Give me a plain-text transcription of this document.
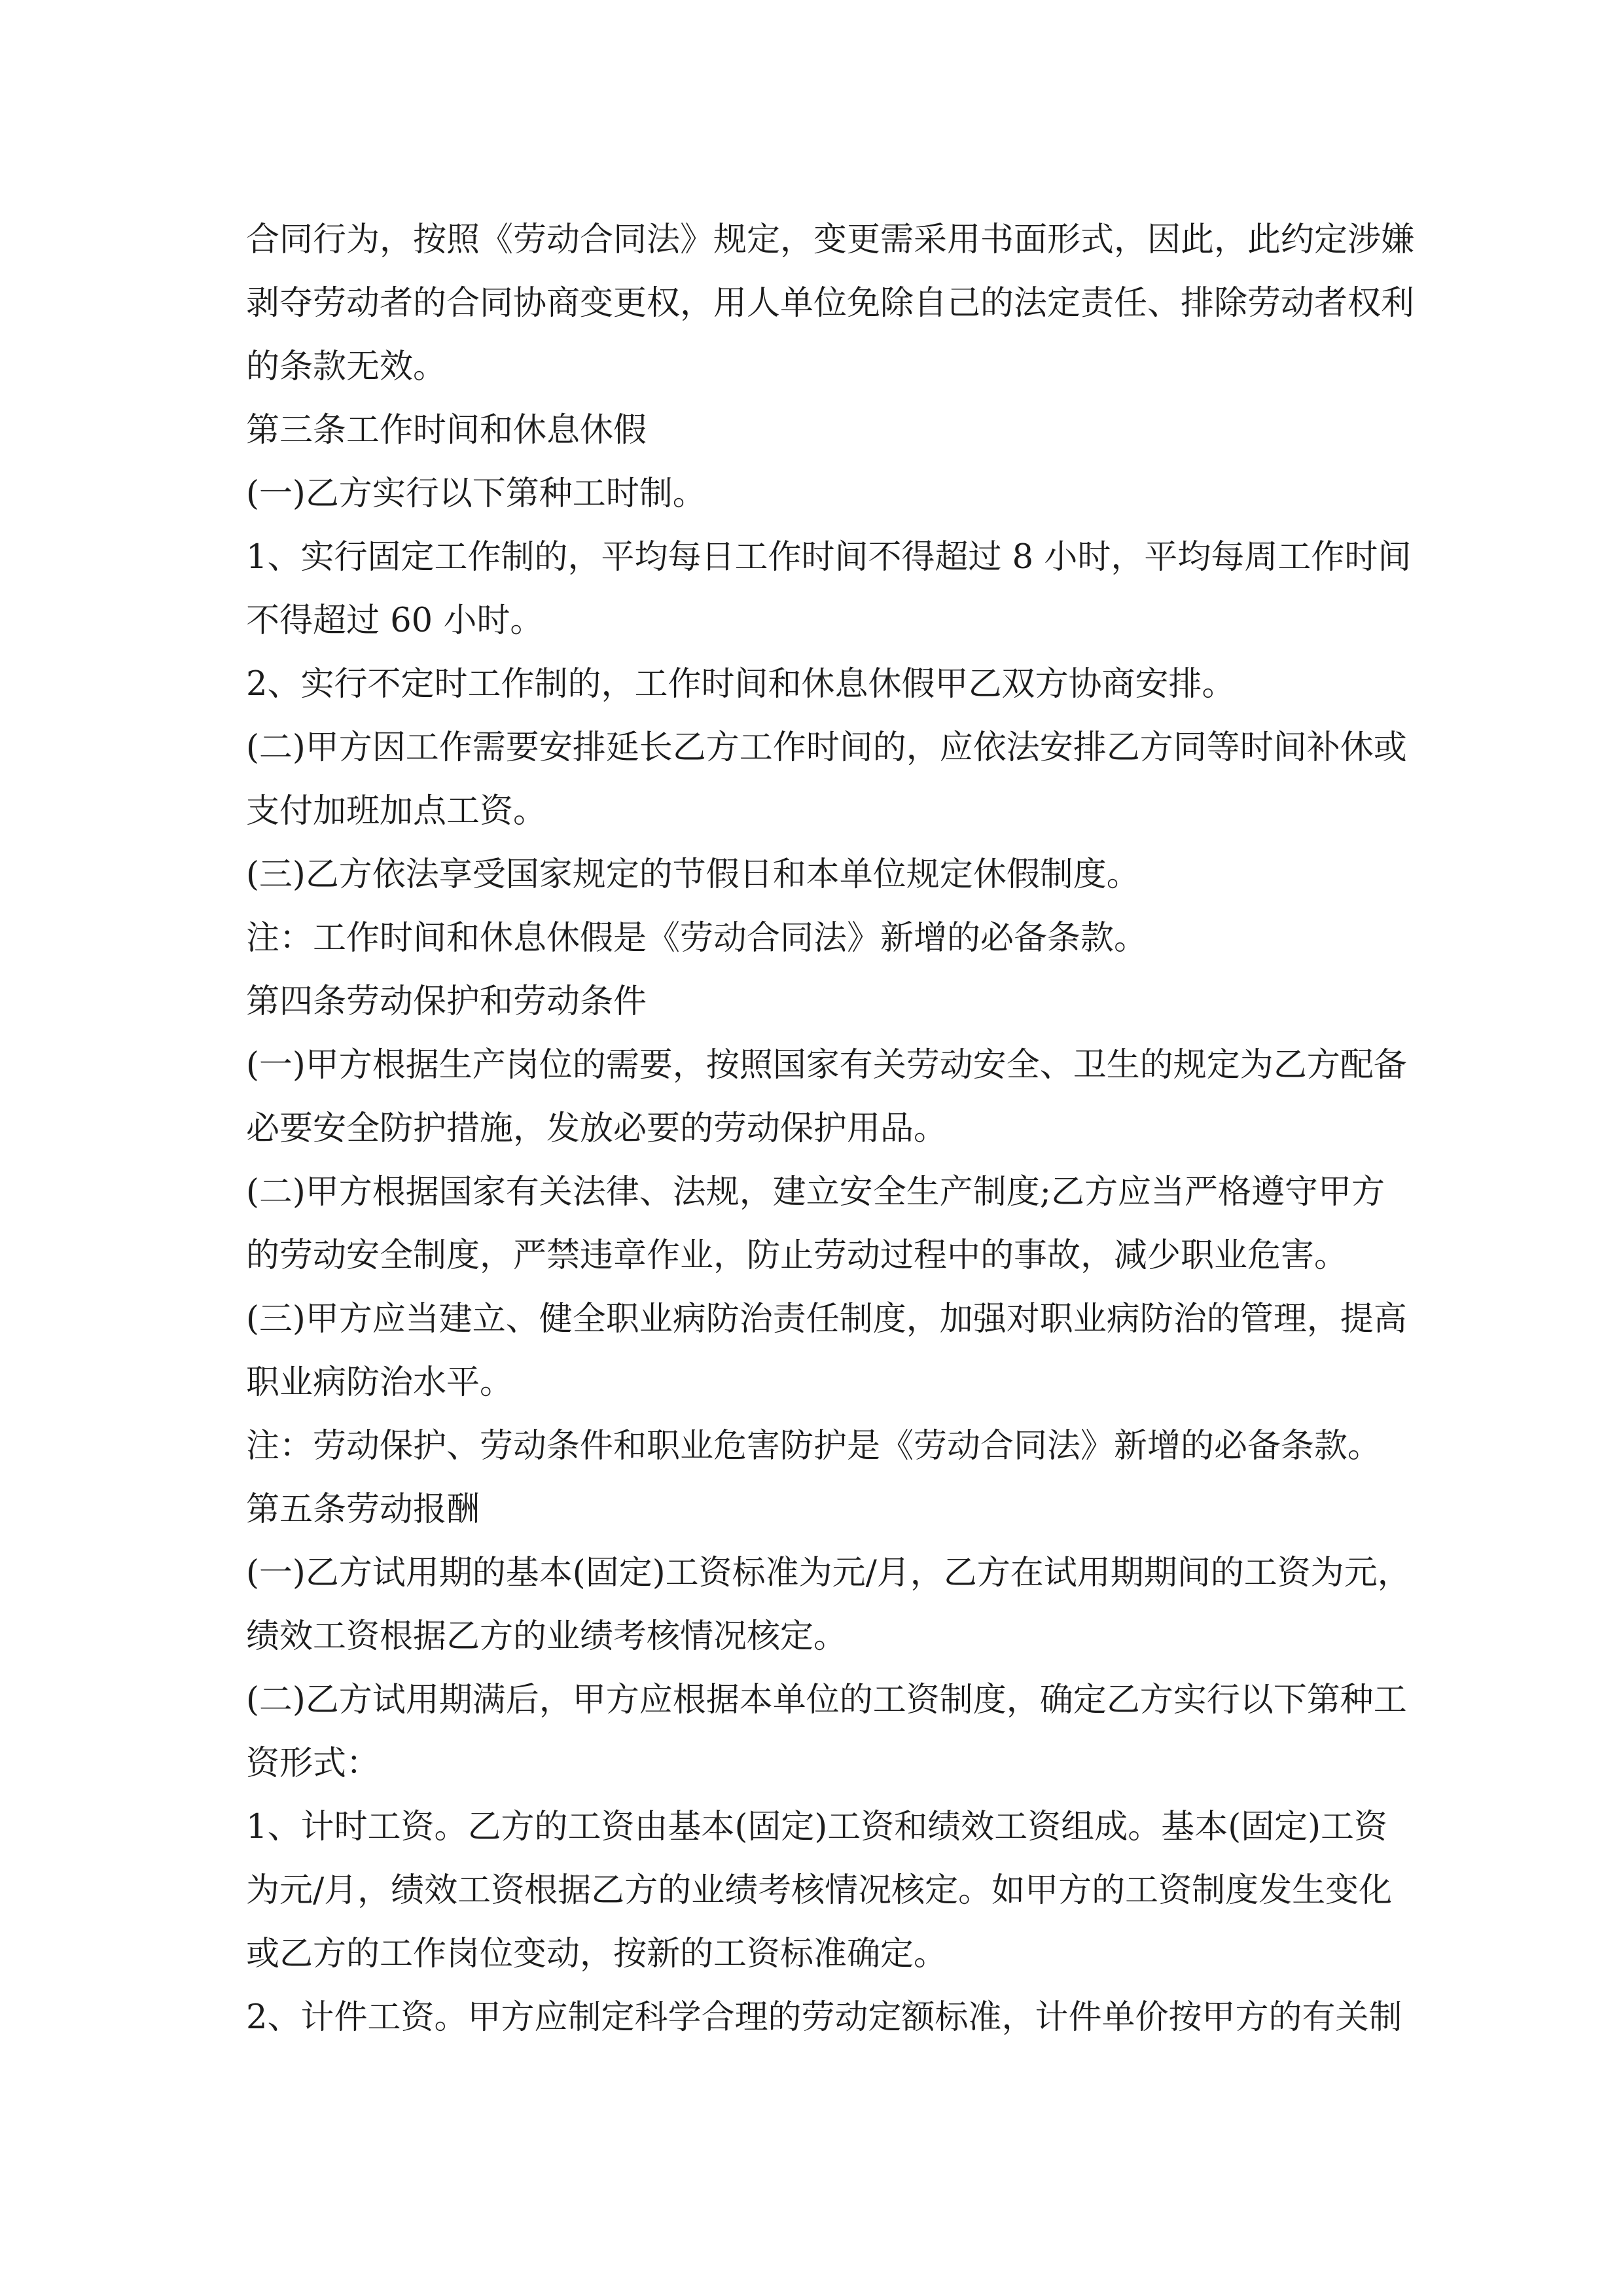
合同行为，按照《劳动合同法》规定，变更需采用书面形式，因此，此约定涉嫌
剥夺劳动者的合同协商变更权，用人单位免除自己的法定责任、排除劳动者权利
的条款无效。
第三条工作时间和休息休假
(一)乙方实行以下第种工时制。
1、实行固定工作制的，平均每日工作时间不得超过 8 小时，平均每周工作时间
不得超过 60 小时。
2、实行不定时工作制的，工作时间和休息休假甲乙双方协商安排。
(二)甲方因工作需要安排延长乙方工作时间的，应依法安排乙方同等时间补休或
支付加班加点工资。
(三)乙方依法享受国家规定的节假日和本单位规定休假制度。
注：工作时间和休息休假是《劳动合同法》新增的必备条款。
第四条劳动保护和劳动条件
(一)甲方根据生产岗位的需要，按照国家有关劳动安全、卫生的规定为乙方配备
必要安全防护措施，发放必要的劳动保护用品。
(二)甲方根据国家有关法律、法规，建立安全生产制度;乙方应当严格遵守甲方
的劳动安全制度，严禁违章作业，防止劳动过程中的事故，减少职业危害。
(三)甲方应当建立、健全职业病防治责任制度，加强对职业病防治的管理，提高
职业病防治水平。
注：劳动保护、劳动条件和职业危害防护是《劳动合同法》新增的必备条款。
第五条劳动报酬
(一)乙方试用期的基本(固定)工资标准为元/月，乙方在试用期期间的工资为元，
绩效工资根据乙方的业绩考核情况核定。
(二)乙方试用期满后，甲方应根据本单位的工资制度，确定乙方实行以下第种工
资形式：
1、计时工资。乙方的工资由基本(固定)工资和绩效工资组成。基本(固定)工资
为元/月，绩效工资根据乙方的业绩考核情况核定。如甲方的工资制度发生变化
或乙方的工作岗位变动，按新的工资标准确定。
2、计件工资。甲方应制定科学合理的劳动定额标准，计件单价按甲方的有关制
